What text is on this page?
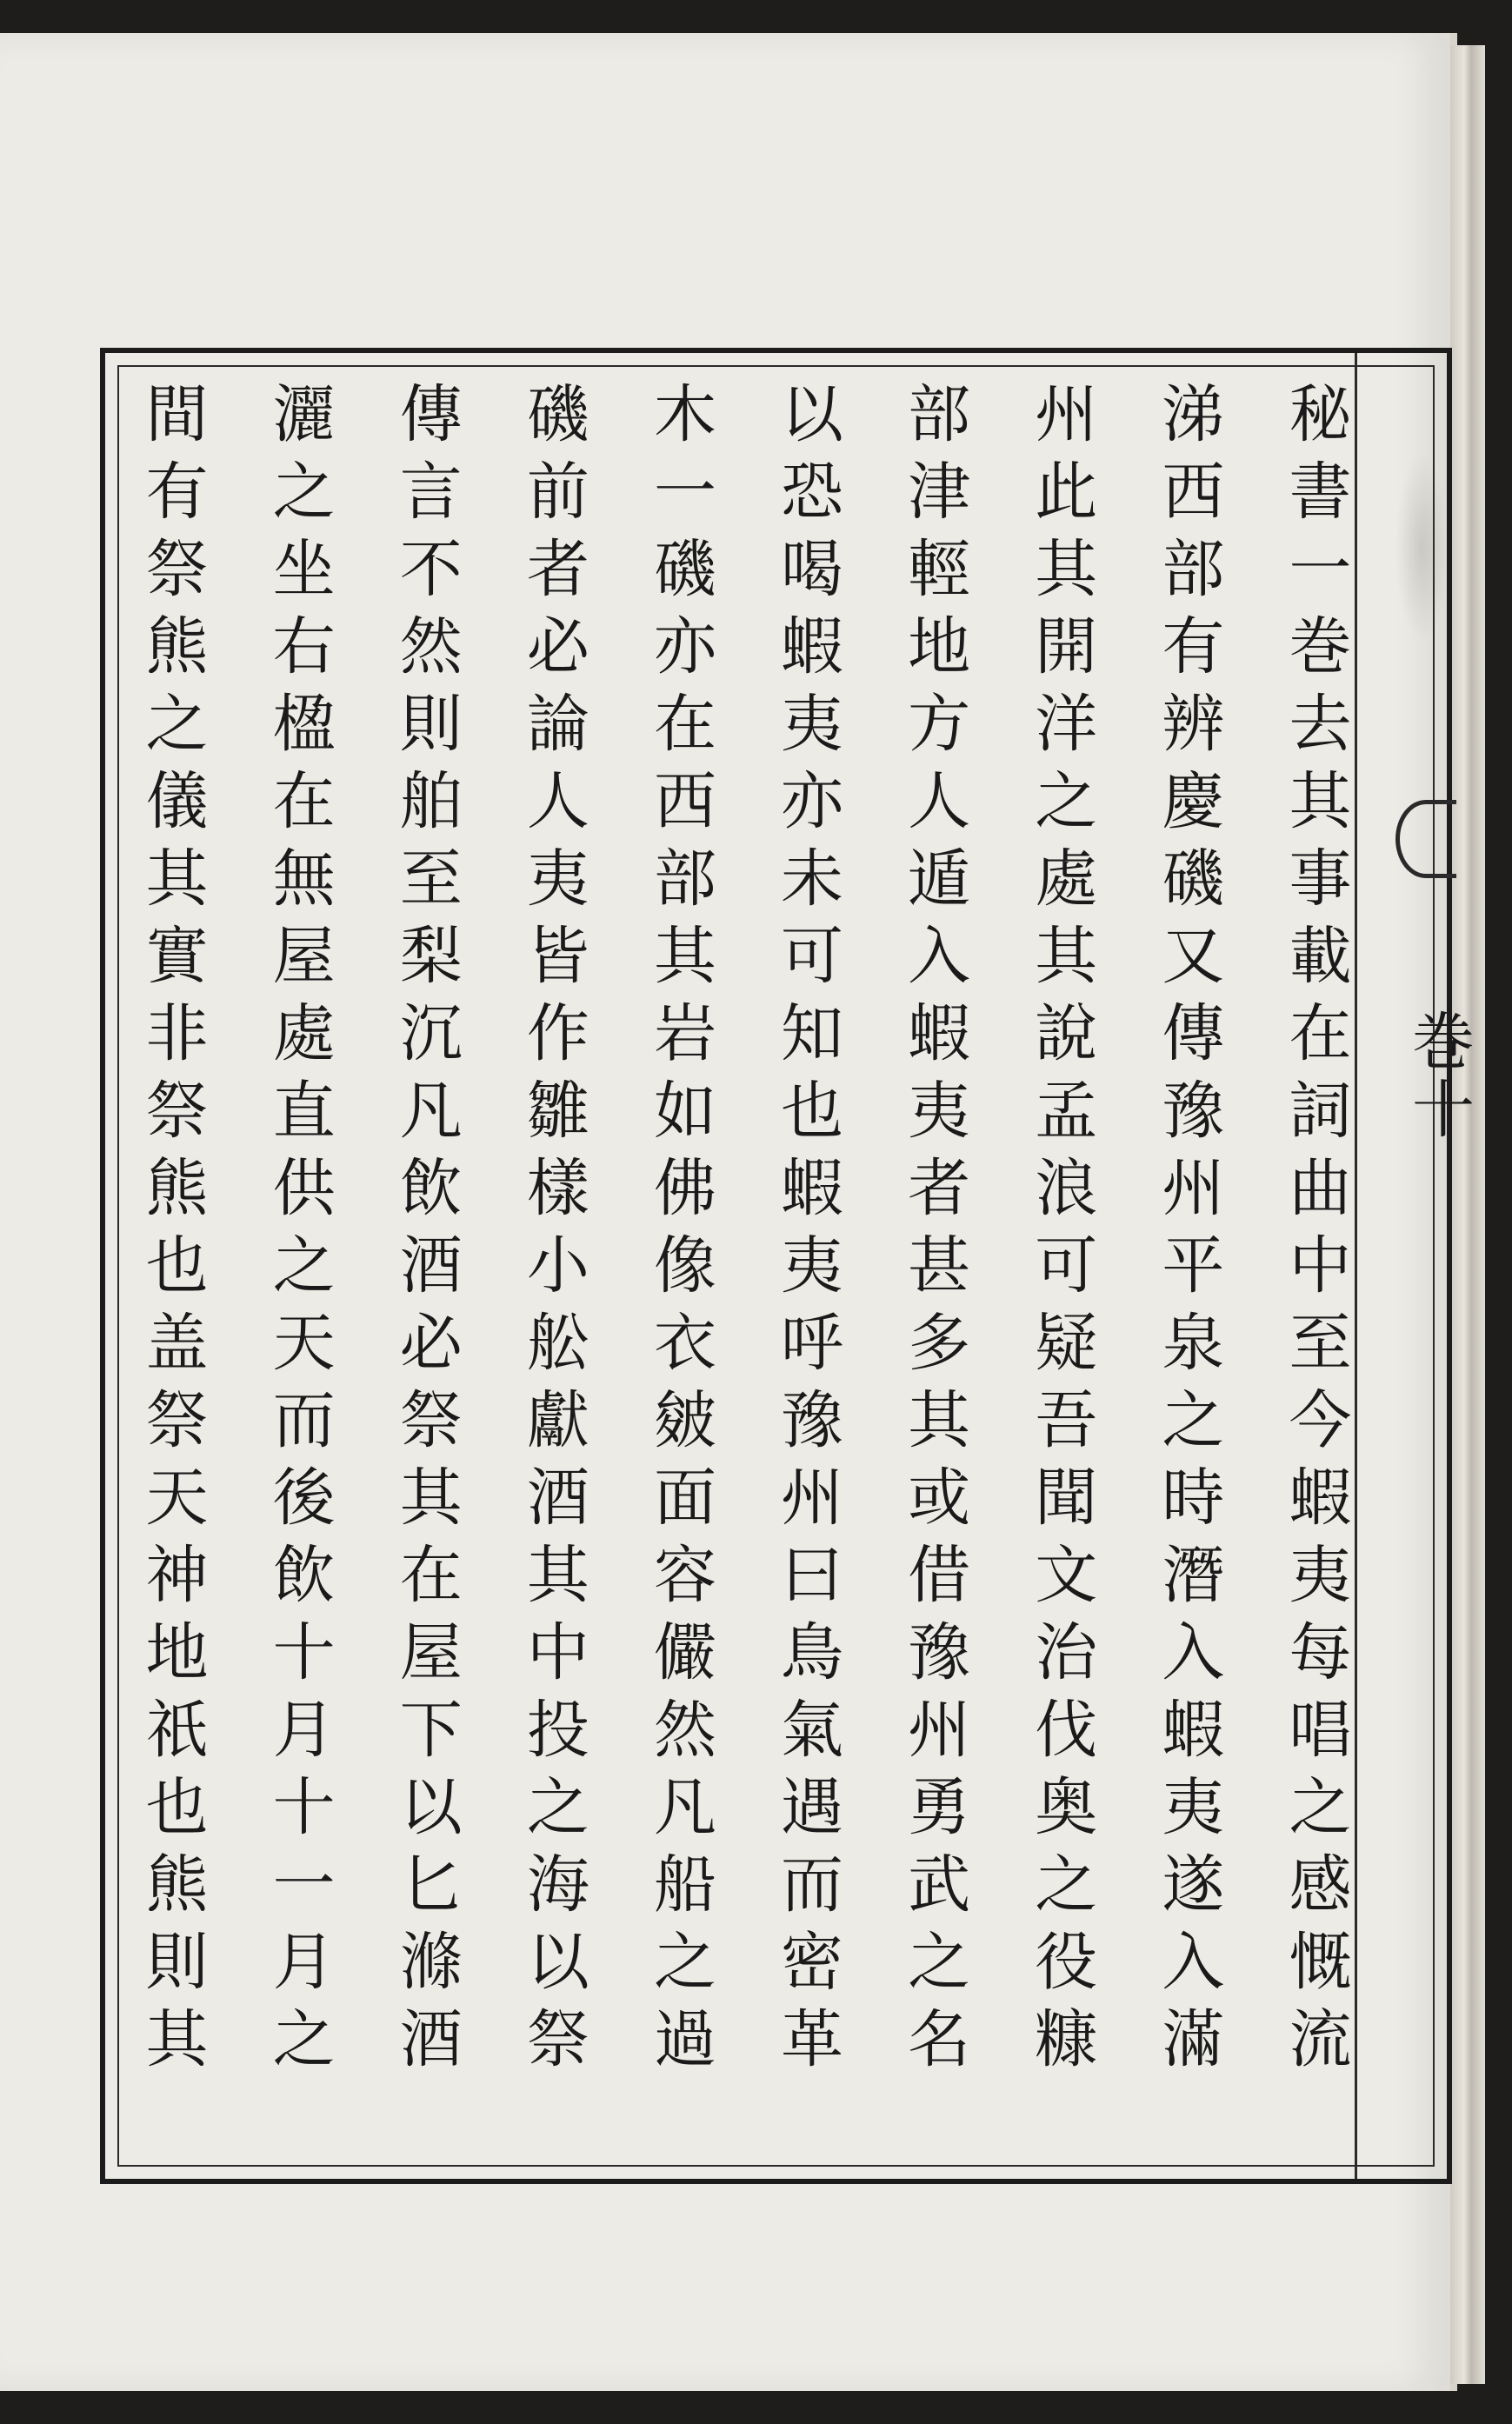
秘書一巻去其事載在詞曲中至今蝦夷每唱之感慨流
涕西部有辨慶磯又傳豫州平泉之時潛入蝦夷遂入滿
州此其開洋之處其說孟浪可疑吾聞文治伐奥之役糠
部津輕地方人遁入蝦夷者甚多其或借豫州勇武之名
以恐喝蝦夷亦未可知也蝦夷呼豫州曰鳥氣遇而密革
木一磯亦在西部其岩如佛像衣皴面容儼然凡船之過
磯前者必論人夷皆作雛樣小舩獻酒其中投之海以祭
傳言不然則舶至梨沉凡飲酒必祭其在屋下以匕滌酒
灑之坐右楹在無屋處直供之天而後飲十月十一月之
間有祭熊之儀其實非祭熊也盖祭天神地祇也熊則其	巻十
